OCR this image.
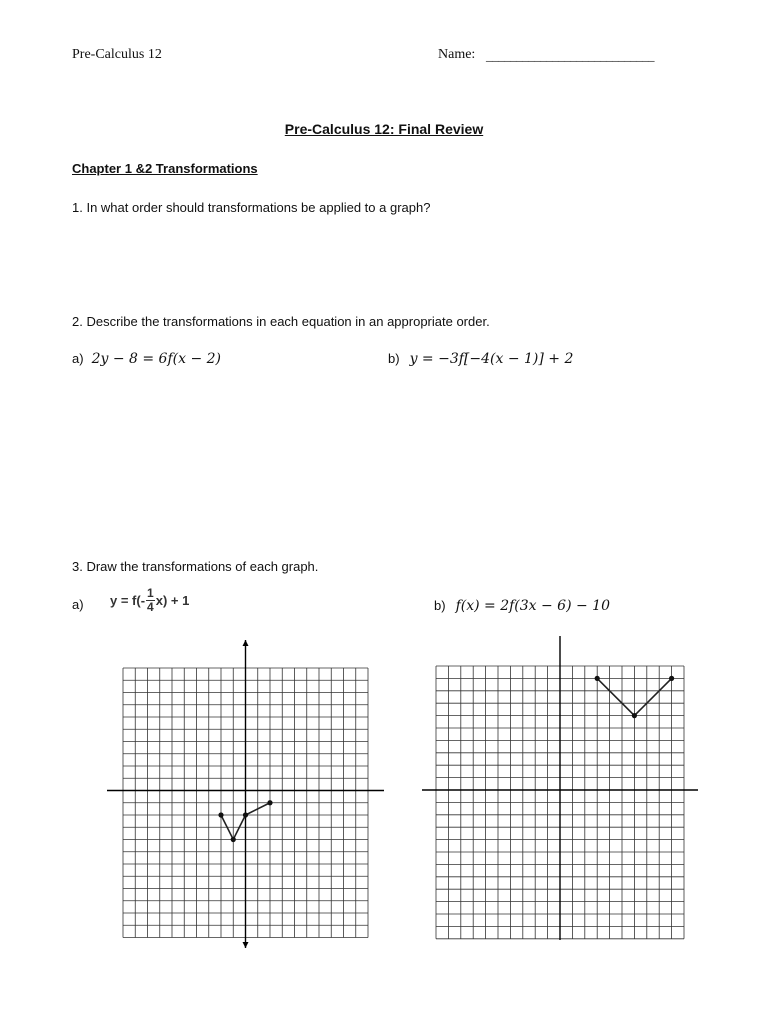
Pre-Calculus 12	Name: ____________________________
Pre-Calculus 12: Final Review
Chapter 1 &2 Transformations
1. In what order should transformations be applied to a graph?
2. Describe the transformations in each equation in an appropriate order.
a) 2y − 8 = 6f(x − 2)	b) y = −3f[−4(x − 1)] + 2
3. Draw the transformations of each graph.
a) $y = f(- \frac{1}{4} x) + 1$	b) f(x) = 2f(3x − 6) − 10
